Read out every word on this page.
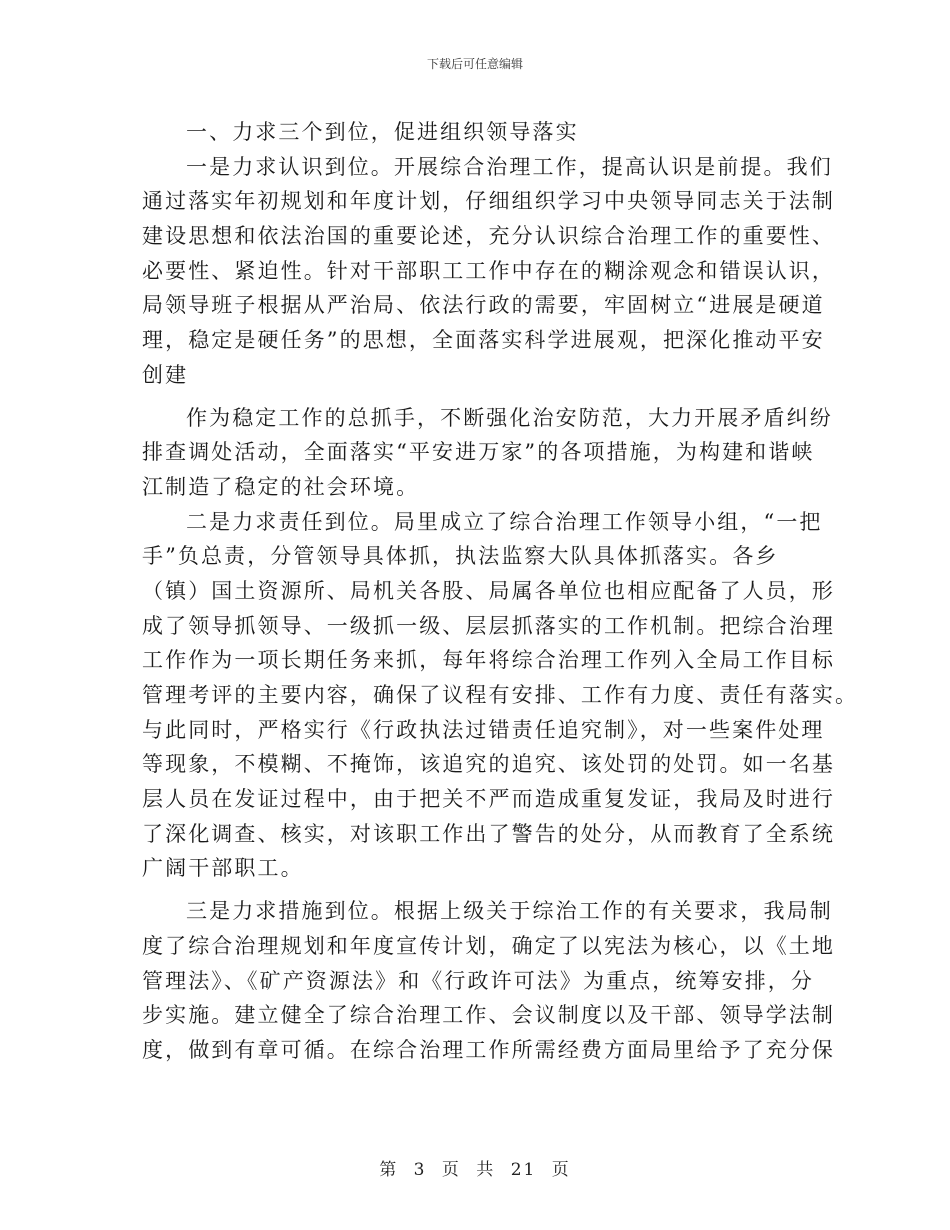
下载后可任意编辑
一、力求三个到位，促进组织领导落实
一是力求认识到位。开展综合治理工作，提高认识是前提。我们
通过落实年初规划和年度计划，仔细组织学习中央领导同志关于法制
建设思想和依法治国的重要论述，充分认识综合治理工作的重要性、
必要性、紧迫性。针对干部职工工作中存在的糊涂观念和错误认识，
局领导班子根据从严治局、依法行政的需要，牢固树立“进展是硬道
理，稳定是硬任务”的思想，全面落实科学进展观，把深化推动平安
创建
作为稳定工作的总抓手，不断强化治安防范，大力开展矛盾纠纷
排查调处活动，全面落实“平安进万家”的各项措施，为构建和谐峡
江制造了稳定的社会环境。
二是力求责任到位。局里成立了综合治理工作领导小组，“一把
手”负总责，分管领导具体抓，执法监察大队具体抓落实。各乡
（镇）国土资源所、局机关各股、局属各单位也相应配备了人员，形
成了领导抓领导、一级抓一级、层层抓落实的工作机制。把综合治理
工作作为一项长期任务来抓，每年将综合治理工作列入全局工作目标
管理考评的主要内容，确保了议程有安排、工作有力度、责任有落实。
与此同时，严格实行《行政执法过错责任追究制》，对一些案件处理
等现象，不模糊、不掩饰，该追究的追究、该处罚的处罚。如一名基
层人员在发证过程中，由于把关不严而造成重复发证，我局及时进行
了深化调查、核实，对该职工作出了警告的处分，从而教育了全系统
广阔干部职工。
三是力求措施到位。根据上级关于综治工作的有关要求，我局制
度了综合治理规划和年度宣传计划，确定了以宪法为核心，以《土地
管理法》、《矿产资源法》和《行政许可法》为重点，统筹安排，分
步实施。建立健全了综合治理工作、会议制度以及干部、领导学法制
度，做到有章可循。在综合治理工作所需经费方面局里给予了充分保
第 3 页 共 21 页
